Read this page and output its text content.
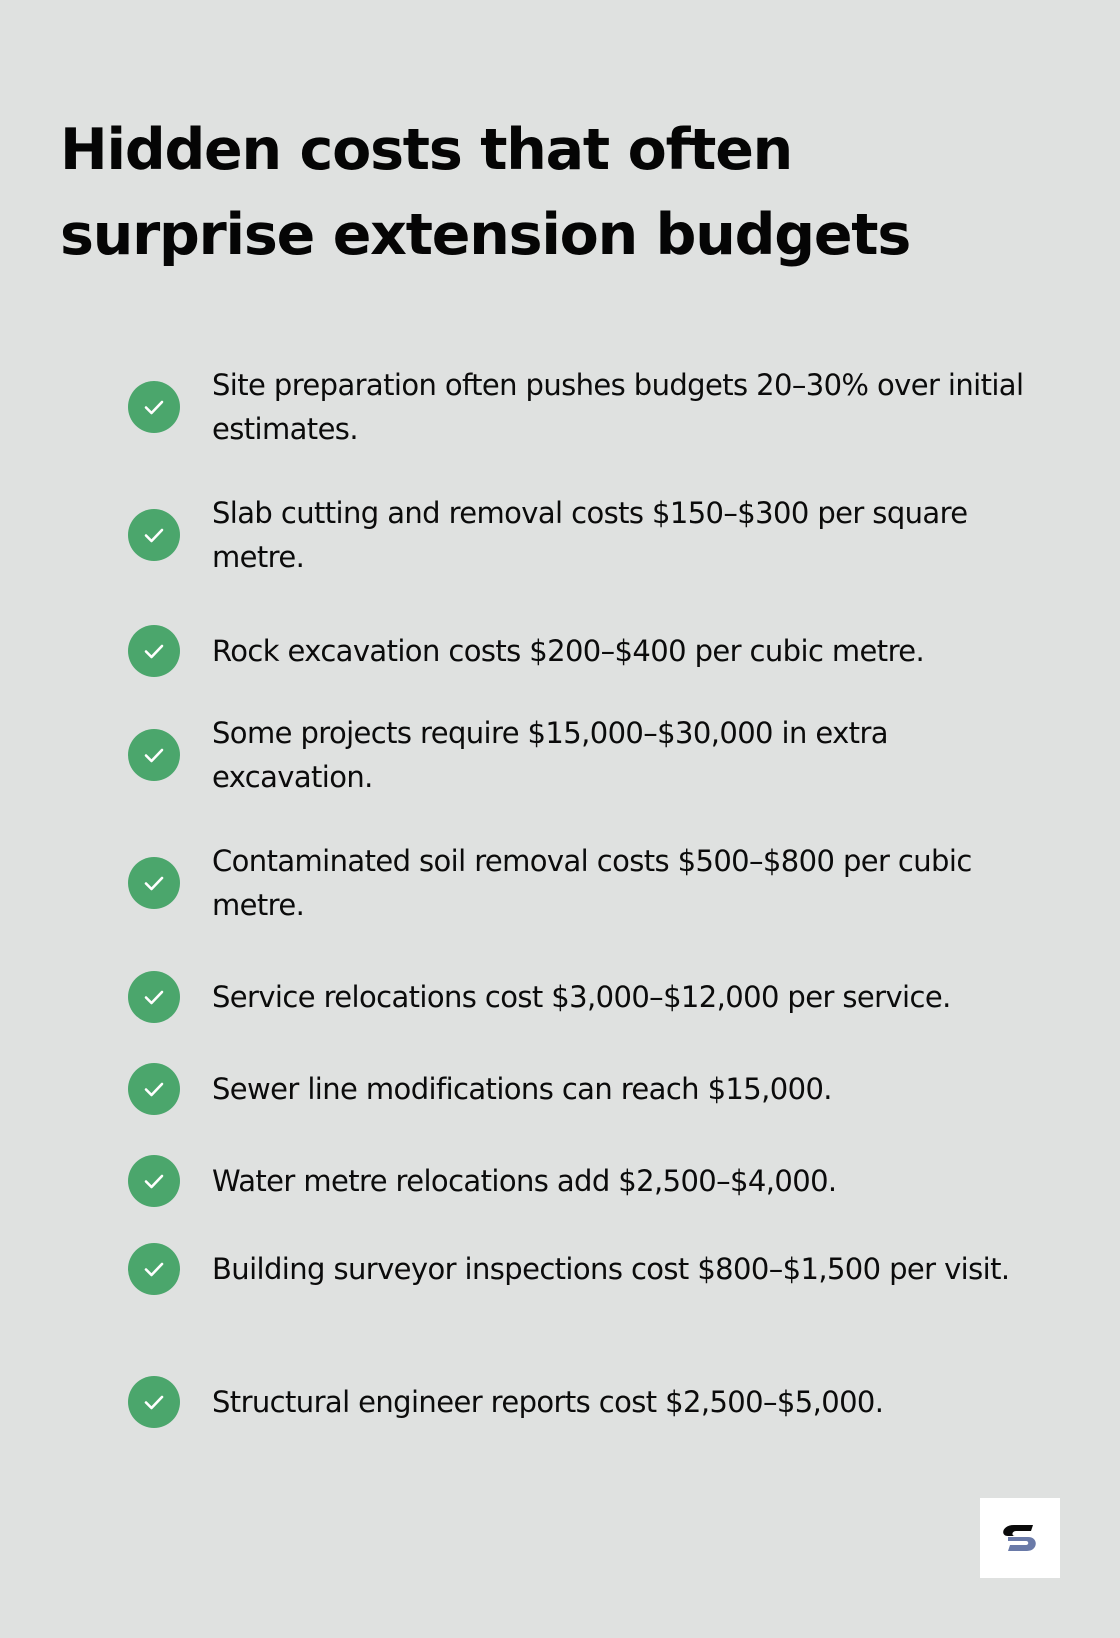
Hidden costs that often
surprise extension budgets
Site preparation often pushes budgets 20–30% over initial estimates.
Slab cutting and removal costs $150–$300 per square metre.
Rock excavation costs $200–$400 per cubic metre.
Some projects require $15,000–$30,000 in extra excavation.
Contaminated soil removal costs $500–$800 per cubic metre.
Service relocations cost $3,000–$12,000 per service.
Sewer line modifications can reach $15,000.
Water metre relocations add $2,500–$4,000.
Building surveyor inspections cost $800–$1,500 per visit.
Structural engineer reports cost $2,500–$5,000.
